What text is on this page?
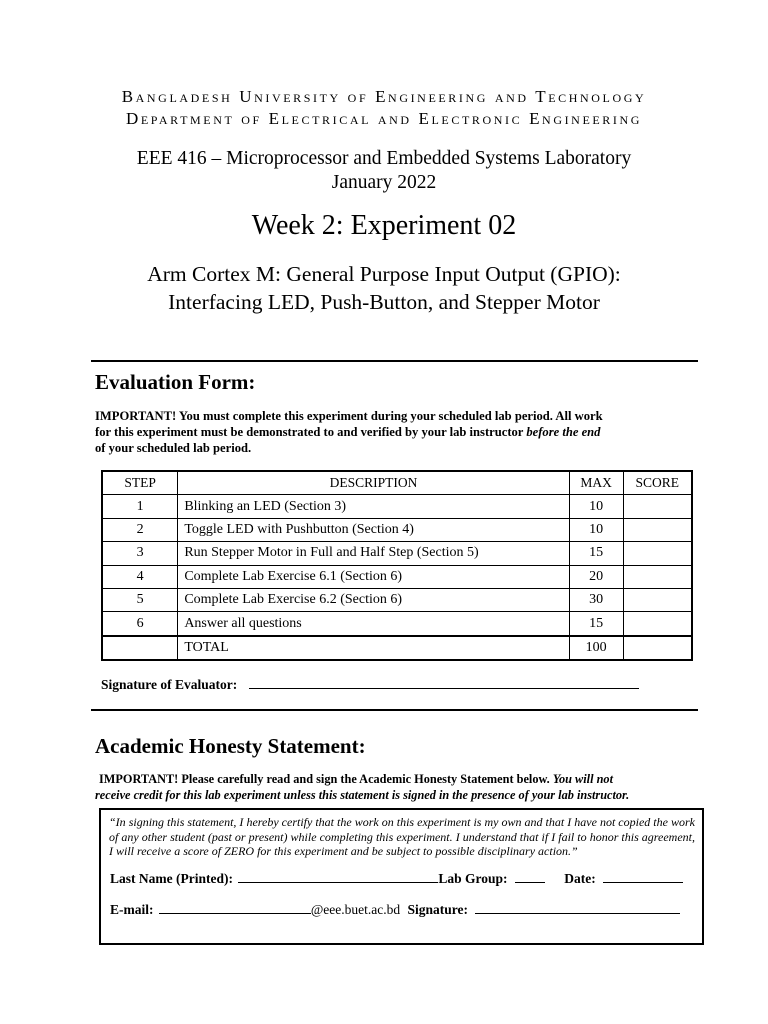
Bangladesh University of Engineering and Technology
Department of Electrical and Electronic Engineering
EEE 416 – Microprocessor and Embedded Systems Laboratory
January 2022
Week 2: Experiment 02
Arm Cortex M: General Purpose Input Output (GPIO):
Interfacing LED, Push-Button, and Stepper Motor
Evaluation Form:
IMPORTANT! You must complete this experiment during your scheduled lab period. All work
for this experiment must be demonstrated to and verified by your lab instructor before the end
of your scheduled lab period.
STEP	DESCRIPTION	MAX	SCORE
1	Blinking an LED (Section 3)	10	
2	Toggle LED with Pushbutton (Section 4)	10	
3	Run Stepper Motor in Full and Half Step (Section 5)	15	
4	Complete Lab Exercise 6.1 (Section 6)	20	
5	Complete Lab Exercise 6.2 (Section 6)	30	
6	Answer all questions	15	
	TOTAL	100	
Signature of Evaluator:
Academic Honesty Statement:
IMPORTANT! Please carefully read and sign the Academic Honesty Statement below. You will not
receive credit for this lab experiment unless this statement is signed in the presence of your lab instructor.
“In signing this statement, I hereby certify that the work on this experiment is my own and that I have not copied the work of any other student (past or present) while completing this experiment. I understand that if I fail to honor this agreement, I will receive a score of ZERO for this experiment and be subject to possible disciplinary action.”
Last Name (Printed):	Lab Group:	Date:
E-mail:	@eee.buet.ac.bd Signature:
